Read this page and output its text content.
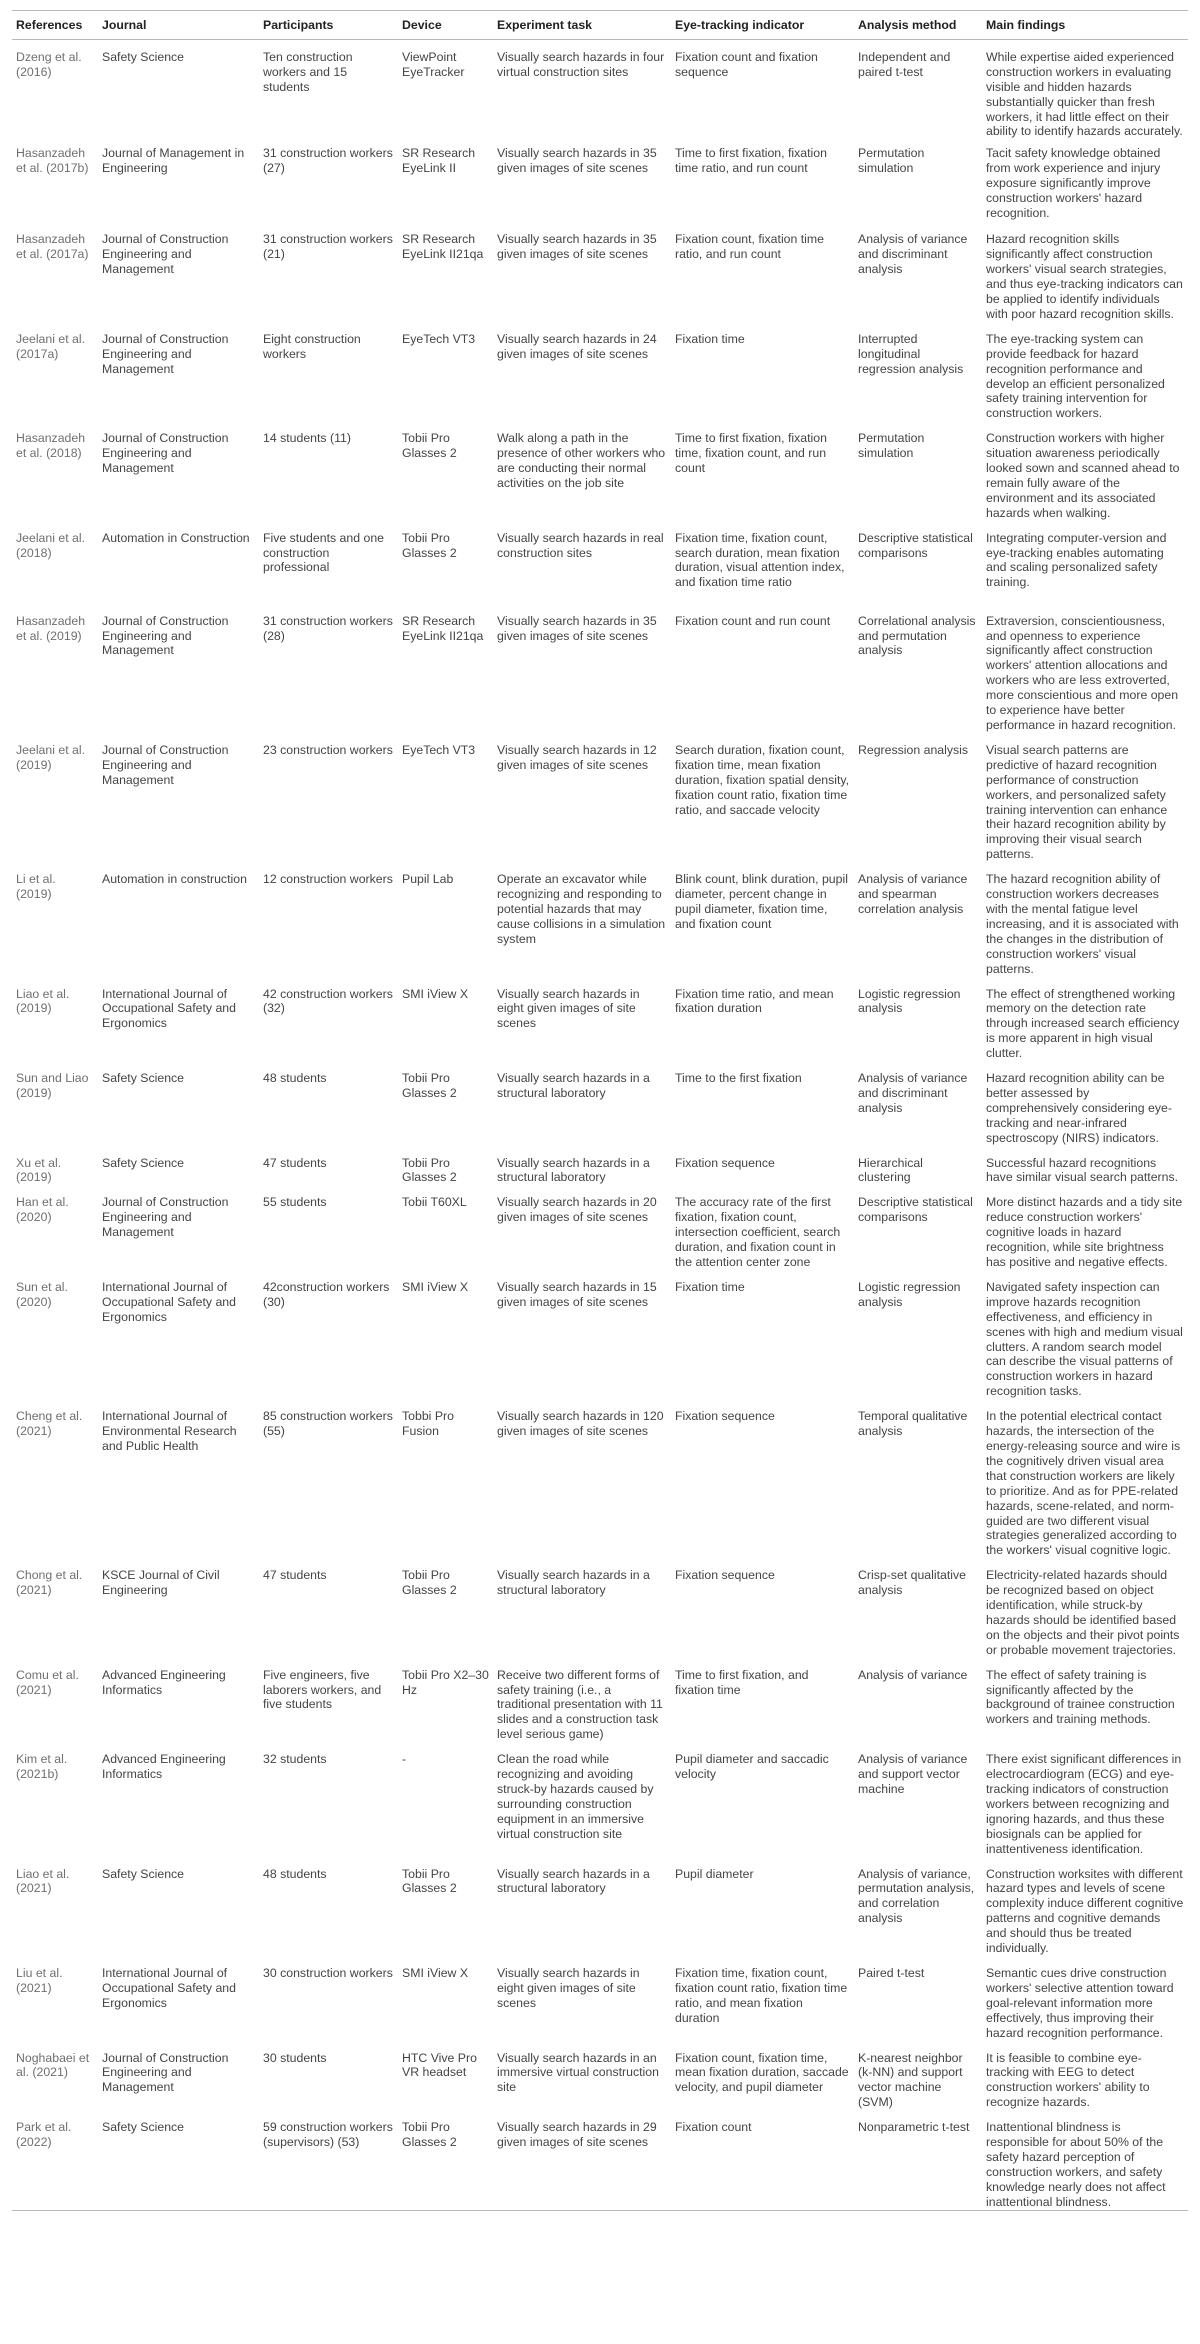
References	Journal	Participants	Device	Experiment task	Eye-tracking indicator	Analysis method	Main findings
Dzeng et al. (2016)	Safety Science	Ten construction workers and 15 students	ViewPoint EyeTracker	Visually search hazards in four virtual construction sites	Fixation count and fixation sequence	Independent and paired t-test	While expertise aided experienced construction workers in evaluating visible and hidden hazards substantially quicker than fresh workers, it had little effect on their ability to identify hazards accurately.
Hasanzadeh et al. (2017b)	Journal of Management in Engineering	31 construction workers (27)	SR Research EyeLink II	Visually search hazards in 35 given images of site scenes	Time to first fixation, fixation time ratio, and run count	Permutation simulation	Tacit safety knowledge obtained from work experience and injury exposure significantly improve construction workers' hazard recognition.
Hasanzadeh et al. (2017a)	Journal of Construction Engineering and Management	31 construction workers (21)	SR Research EyeLink II21qa	Visually search hazards in 35 given images of site scenes	Fixation count, fixation time ratio, and run count	Analysis of variance and discriminant analysis	Hazard recognition skills significantly affect construction workers' visual search strategies, and thus eye-tracking indicators can be applied to identify individuals with poor hazard recognition skills.
Jeelani et al. (2017a)	Journal of Construction Engineering and Management	Eight construction workers	EyeTech VT3	Visually search hazards in 24 given images of site scenes	Fixation time	Interrupted longitudinal regression analysis	The eye-tracking system can provide feedback for hazard recognition performance and develop an efficient personalized safety training intervention for construction workers.
Hasanzadeh et al. (2018)	Journal of Construction Engineering and Management	14 students (11)	Tobii Pro Glasses 2	Walk along a path in the presence of other workers who are conducting their normal activities on the job site	Time to first fixation, fixation time, fixation count, and run count	Permutation simulation	Construction workers with higher situation awareness periodically looked sown and scanned ahead to remain fully aware of the environment and its associated hazards when walking.
Jeelani et al. (2018)	Automation in Construction	Five students and one construction professional	Tobii Pro Glasses 2	Visually search hazards in real construction sites	Fixation time, fixation count, search duration, mean fixation duration, visual attention index, and fixation time ratio	Descriptive statistical comparisons	Integrating computer-version and eye-tracking enables automating and scaling personalized safety training.
Hasanzadeh et al. (2019)	Journal of Construction Engineering and Management	31 construction workers (28)	SR Research EyeLink II21qa	Visually search hazards in 35 given images of site scenes	Fixation count and run count	Correlational analysis and permutation analysis	Extraversion, conscientiousness, and openness to experience significantly affect construction workers' attention allocations and workers who are less extroverted, more conscientious and more open to experience have better performance in hazard recognition.
Jeelani et al. (2019)	Journal of Construction Engineering and Management	23 construction workers	EyeTech VT3	Visually search hazards in 12 given images of site scenes	Search duration, fixation count, fixation time, mean fixation duration, fixation spatial density, fixation count ratio, fixation time ratio, and saccade velocity	Regression analysis	Visual search patterns are predictive of hazard recognition performance of construction workers, and personalized safety training intervention can enhance their hazard recognition ability by improving their visual search patterns.
Li et al. (2019)	Automation in construction	12 construction workers	Pupil Lab	Operate an excavator while recognizing and responding to potential hazards that may cause collisions in a simulation system	Blink count, blink duration, pupil diameter, percent change in pupil diameter, fixation time, and fixation count	Analysis of variance and spearman correlation analysis	The hazard recognition ability of construction workers decreases with the mental fatigue level increasing, and it is associated with the changes in the distribution of construction workers' visual patterns.
Liao et al. (2019)	International Journal of Occupational Safety and Ergonomics	42 construction workers (32)	SMI iView X	Visually search hazards in eight given images of site scenes	Fixation time ratio, and mean fixation duration	Logistic regression analysis	The effect of strengthened working memory on the detection rate through increased search efficiency is more apparent in high visual clutter.
Sun and Liao (2019)	Safety Science	48 students	Tobii Pro Glasses 2	Visually search hazards in a structural laboratory	Time to the first fixation	Analysis of variance and discriminant analysis	Hazard recognition ability can be better assessed by comprehensively considering eye-tracking and near-infrared spectroscopy (NIRS) indicators.
Xu et al. (2019)	Safety Science	47 students	Tobii Pro Glasses 2	Visually search hazards in a structural laboratory	Fixation sequence	Hierarchical clustering	Successful hazard recognitions have similar visual search patterns.
Han et al. (2020)	Journal of Construction Engineering and Management	55 students	Tobii T60XL	Visually search hazards in 20 given images of site scenes	The accuracy rate of the first fixation, fixation count, intersection coefficient, search duration, and fixation count in the attention center zone	Descriptive statistical comparisons	More distinct hazards and a tidy site reduce construction workers' cognitive loads in hazard recognition, while site brightness has positive and negative effects.
Sun et al. (2020)	International Journal of Occupational Safety and Ergonomics	42construction workers (30)	SMI iView X	Visually search hazards in 15 given images of site scenes	Fixation time	Logistic regression analysis	Navigated safety inspection can improve hazards recognition effectiveness, and efficiency in scenes with high and medium visual clutters. A random search model can describe the visual patterns of construction workers in hazard recognition tasks.
Cheng et al. (2021)	International Journal of Environmental Research and Public Health	85 construction workers (55)	Tobbi Pro Fusion	Visually search hazards in 120 given images of site scenes	Fixation sequence	Temporal qualitative analysis	In the potential electrical contact hazards, the intersection of the energy-releasing source and wire is the cognitively driven visual area that construction workers are likely to prioritize. And as for PPE-related hazards, scene-related, and norm-guided are two different visual strategies generalized according to the workers' visual cognitive logic.
Chong et al. (2021)	KSCE Journal of Civil Engineering	47 students	Tobii Pro Glasses 2	Visually search hazards in a structural laboratory	Fixation sequence	Crisp-set qualitative analysis	Electricity-related hazards should be recognized based on object identification, while struck-by hazards should be identified based on the objects and their pivot points or probable movement trajectories.
Comu et al. (2021)	Advanced Engineering Informatics	Five engineers, five laborers workers, and five students	Tobii Pro X2–30 Hz	Receive two different forms of safety training (i.e., a traditional presentation with 11 slides and a construction task level serious game)	Time to first fixation, and fixation time	Analysis of variance	The effect of safety training is significantly affected by the background of trainee construction workers and training methods.
Kim et al. (2021b)	Advanced Engineering Informatics	32 students	-	Clean the road while recognizing and avoiding struck-by hazards caused by surrounding construction equipment in an immersive virtual construction site	Pupil diameter and saccadic velocity	Analysis of variance and support vector machine	There exist significant differences in electrocardiogram (ECG) and eye-tracking indicators of construction workers between recognizing and ignoring hazards, and thus these biosignals can be applied for inattentiveness identification.
Liao et al. (2021)	Safety Science	48 students	Tobii Pro Glasses 2	Visually search hazards in a structural laboratory	Pupil diameter	Analysis of variance, permutation analysis, and correlation analysis	Construction worksites with different hazard types and levels of scene complexity induce different cognitive patterns and cognitive demands and should thus be treated individually.
Liu et al. (2021)	International Journal of Occupational Safety and Ergonomics	30 construction workers	SMI iView X	Visually search hazards in eight given images of site scenes	Fixation time, fixation count, fixation count ratio, fixation time ratio, and mean fixation duration	Paired t-test	Semantic cues drive construction workers' selective attention toward goal-relevant information more effectively, thus improving their hazard recognition performance.
Noghabaei et al. (2021)	Journal of Construction Engineering and Management	30 students	HTC Vive Pro VR headset	Visually search hazards in an immersive virtual construction site	Fixation count, fixation time, mean fixation duration, saccade velocity, and pupil diameter	K-nearest neighbor (k-NN) and support vector machine (SVM)	It is feasible to combine eye-tracking with EEG to detect construction workers' ability to recognize hazards.
Park et al. (2022)	Safety Science	59 construction workers (supervisors) (53)	Tobii Pro Glasses 2	Visually search hazards in 29 given images of site scenes	Fixation count	Nonparametric t-test	Inattentional blindness is responsible for about 50% of the safety hazard perception of construction workers, and safety knowledge nearly does not affect inattentional blindness.
